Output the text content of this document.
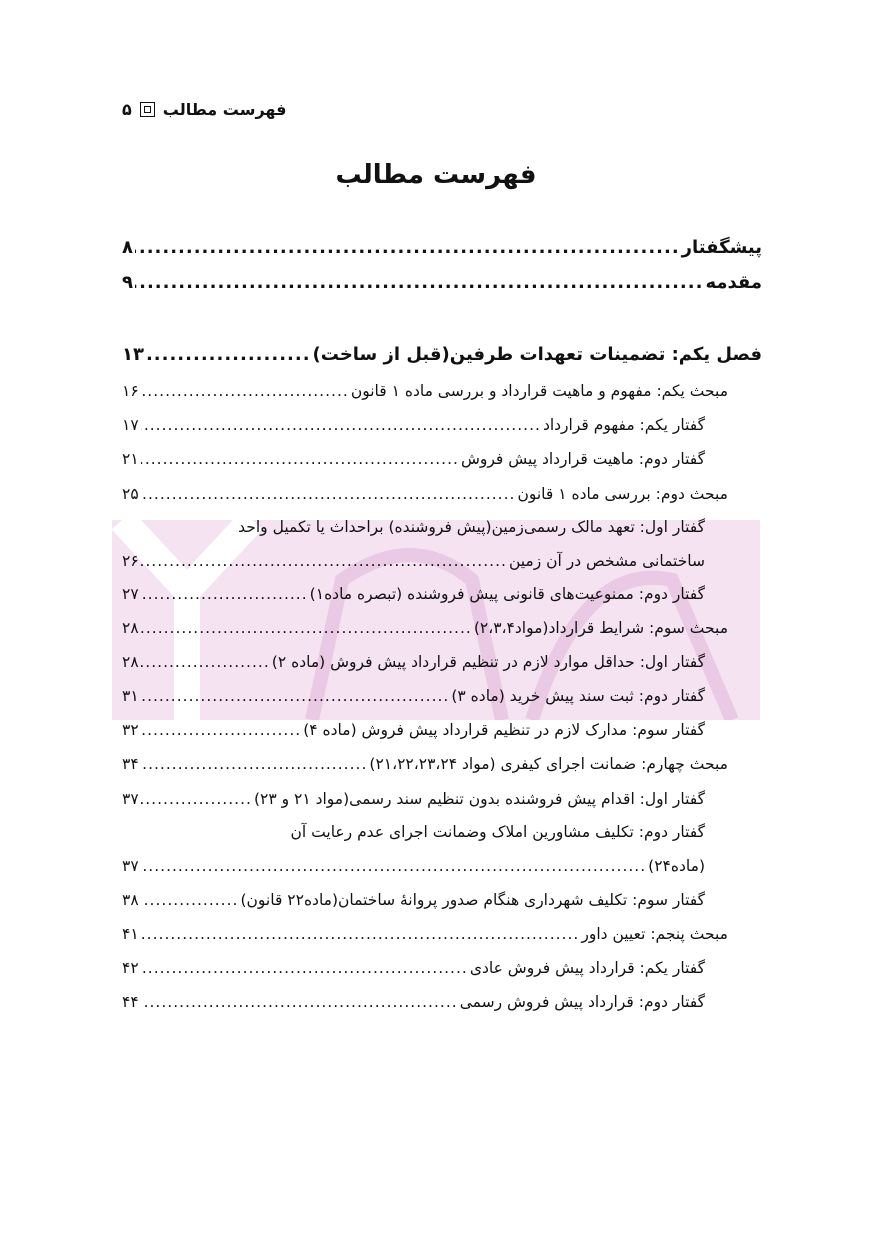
فهرست مطالب
۵
فهرست مطالب
پیشگفتار
.....
۸
مقدمه
.....
۹
فصل یکم: تضمینات تعهدات طرفین(قبل از ساخت)
.....
۱۳
مبحث یکم: مفهوم و ماهیت قرارداد و بررسی ماده ۱ قانون
.....
۱۶
گفتار یکم: مفهوم قرارداد
.....
۱۷
گفتار دوم: ماهیت قرارداد پیش فروش
.....
۲۱
مبحث دوم: بررسی ماده ۱ قانون
.....
۲۵
گفتار اول: تعهد مالک رسمی‌زمین(پیش فروشنده) براحداث یا تکمیل واحد
ساختمانی مشخص در آن زمین
.....
۲۶
گفتار دوم: ممنوعیت‌های قانونی پیش فروشنده (تبصره ماده۱)
.....
۲۷
مبحث سوم: شرایط قرارداد(مواد۲،۳،۴)
.....
۲۸
گفتار اول: حداقل موارد لازم در تنظیم قرارداد پیش فروش (ماده ۲)
.....
۲۸
گفتار دوم: ثبت سند پیش خرید (ماده ۳)
.....
۳۱
گفتار سوم: مدارک لازم در تنظیم قرارداد پیش فروش (ماده ۴)
.....
۳۲
مبحث چهارم: ضمانت اجرای کیفری (مواد ۲۱،۲۲،۲۳،۲۴)
.....
۳۴
گفتار اول: اقدام پیش فروشنده بدون تنظیم سند رسمی(مواد ۲۱ و ۲۳)
.....
۳۷
گفتار دوم: تکلیف مشاورین املاک وضمانت اجرای عدم رعایت آن
(ماده۲۴)
.....
۳۷
گفتار سوم: تکلیف شهرداری هنگام صدور پروانهٔ ساختمان(ماده۲۲ قانون)
.....
۳۸
مبحث پنجم: تعیین داور
.....
۴۱
گفتار یکم: قرارداد پیش فروش عادی
.....
۴۲
گفتار دوم: قرارداد پیش فروش رسمی
.....
۴۴
